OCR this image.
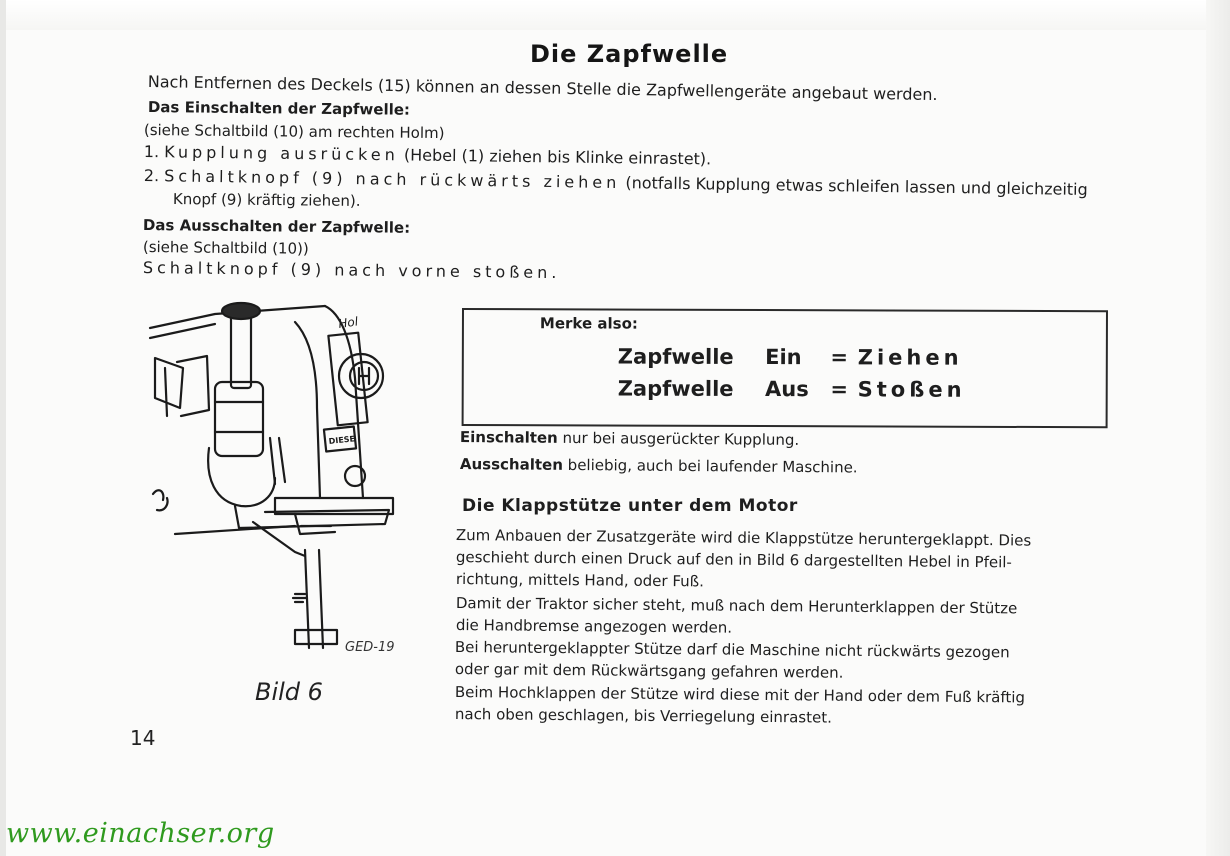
Die Zapfwelle
Nach Entfernen des Deckels (15) können an dessen Stelle die Zapfwellengeräte angebaut werden.
Das Einschalten der Zapfwelle:
(siehe Schaltbild (10) am rechten Holm)
1. Kupplung ausrücken (Hebel (1) ziehen bis Klinke einrastet).
2. Schaltknopf (9) nach rückwärts ziehen (notfalls Kupplung etwas schleifen lassen und gleichzeitig
Knopf (9) kräftig ziehen).
Das Ausschalten der Zapfwelle:
(siehe Schaltbild (10))
Schaltknopf (9) nach vorne stoßen.
Hol
DIESE
GED-19
Bild 6
14
Merke also:
Zapfwelle Ein = Ziehen
Zapfwelle Aus = Stoßen
Einschalten nur bei ausgerückter Kupplung.
Ausschalten beliebig, auch bei laufender Maschine.
Die Klappstütze unter dem Motor
Zum Anbauen der Zusatzgeräte wird die Klappstütze heruntergeklappt. Dies
geschieht durch einen Druck auf den in Bild 6 dargestellten Hebel in Pfeil-
richtung, mittels Hand, oder Fuß.
Damit der Traktor sicher steht, muß nach dem Herunterklappen der Stütze
die Handbremse angezogen werden.
Bei heruntergeklappter Stütze darf die Maschine nicht rückwärts gezogen
oder gar mit dem Rückwärtsgang gefahren werden.
Beim Hochklappen der Stütze wird diese mit der Hand oder dem Fuß kräftig
nach oben geschlagen, bis Verriegelung einrastet.
www.einachser.org
